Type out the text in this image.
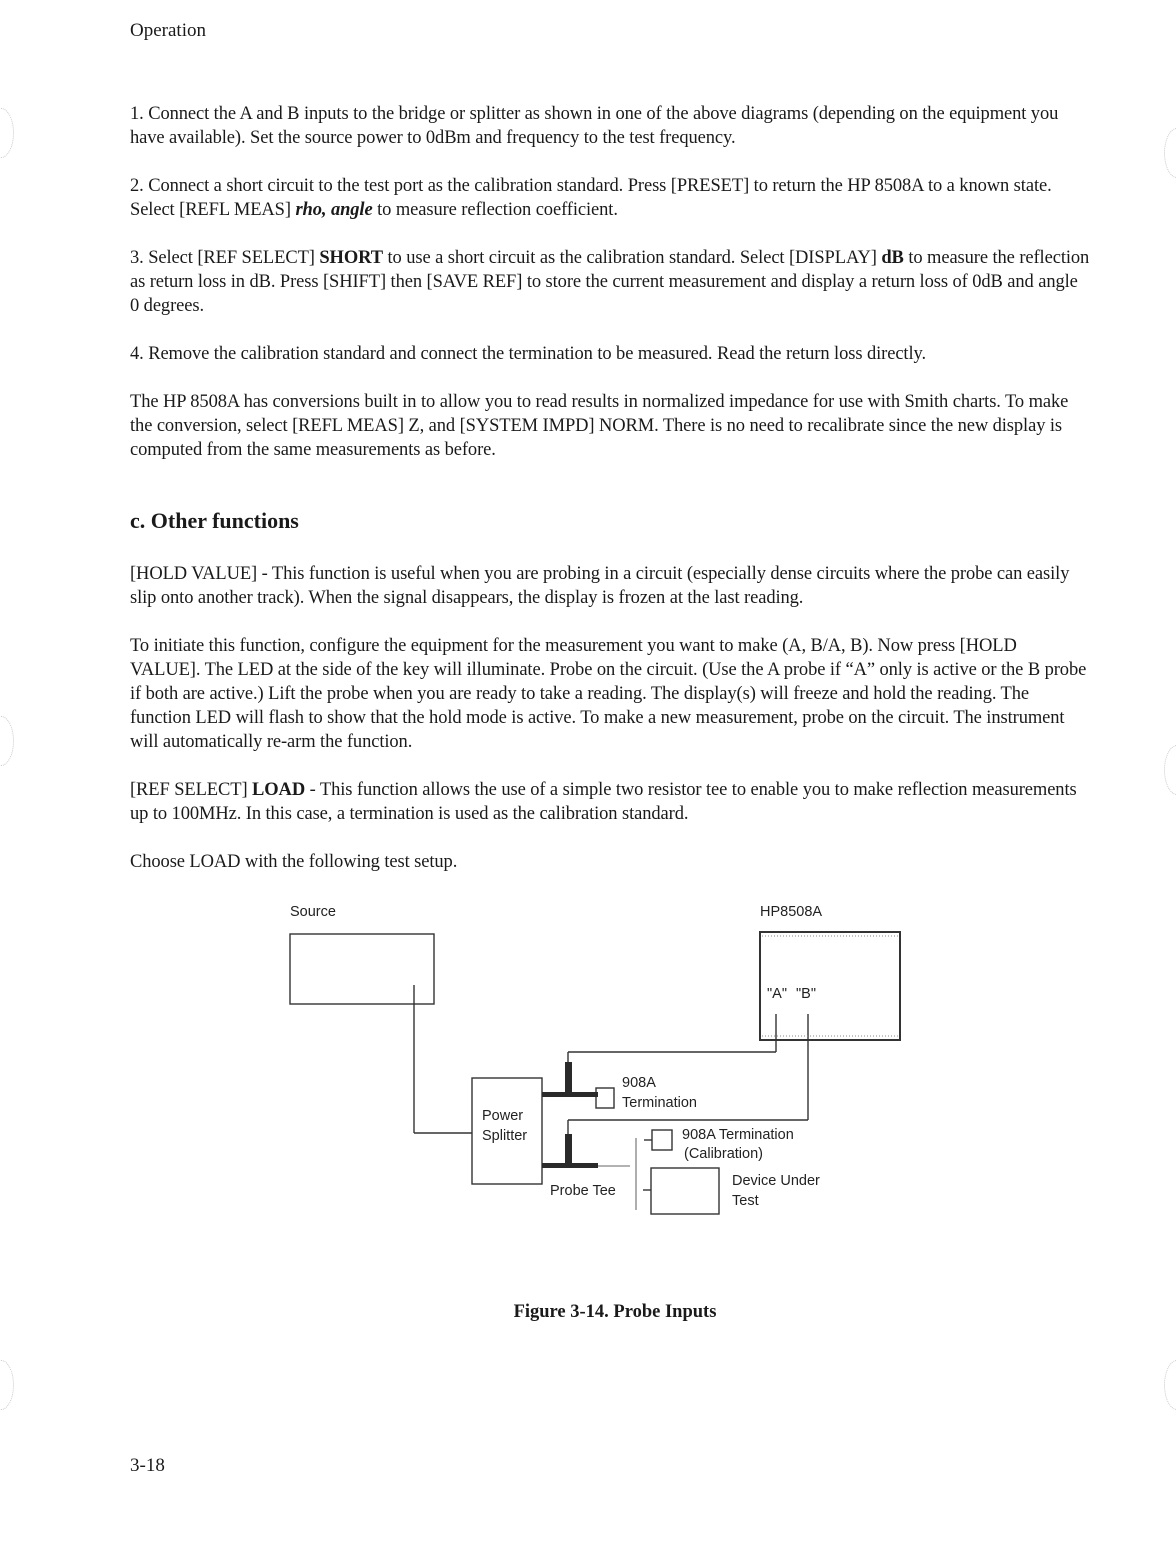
Operation
1. Connect the A and B inputs to the bridge or splitter as shown in one of the above diagrams (depending on the equipment you have available). Set the source power to 0dBm and frequency to the test frequency.
2. Connect a short circuit to the test port as the calibration standard. Press [PRESET] to return the HP 8508A to a known state. Select [REFL MEAS] rho, angle to measure reflection coefficient.
3. Select [REF SELECT] SHORT to use a short circuit as the calibration standard. Select [DISPLAY] dB to measure the reflection as return loss in dB. Press [SHIFT] then [SAVE REF] to store the current measurement and display a return loss of 0dB and angle 0 degrees.
4. Remove the calibration standard and connect the termination to be measured. Read the return loss directly.
The HP 8508A has conversions built in to allow you to read results in normalized impedance for use with Smith charts. To make the conversion, select [REFL MEAS] Z, and [SYSTEM IMPD] NORM. There is no need to recalibrate since the new display is computed from the same measurements as before.
c. Other functions
[HOLD VALUE] - This function is useful when you are probing in a circuit (especially dense circuits where the probe can easily slip onto another track). When the signal disappears, the display is frozen at the last reading.
To initiate this function, configure the equipment for the measurement you want to make (A, B/A, B). Now press [HOLD VALUE]. The LED at the side of the key will illuminate. Probe on the circuit. (Use the A probe if “A” only is active or the B probe if both are active.) Lift the probe when you are ready to take a reading. The display(s) will freeze and hold the reading. The function LED will flash to show that the hold mode is active. To make a new measurement, probe on the circuit. The instrument will automatically re-arm the function.
[REF SELECT] LOAD - This function allows the use of a simple two resistor tee to enable you to make reflection measurements up to 100MHz. In this case, a termination is used as the calibration standard.
Choose LOAD with the following test setup.
Source	HP8508A
"A" "B"
Power
Splitter
908A
Termination
908A Termination
(Calibration)
Probe Tee
Device Under
Test
Figure 3-14. Probe Inputs
3-18
